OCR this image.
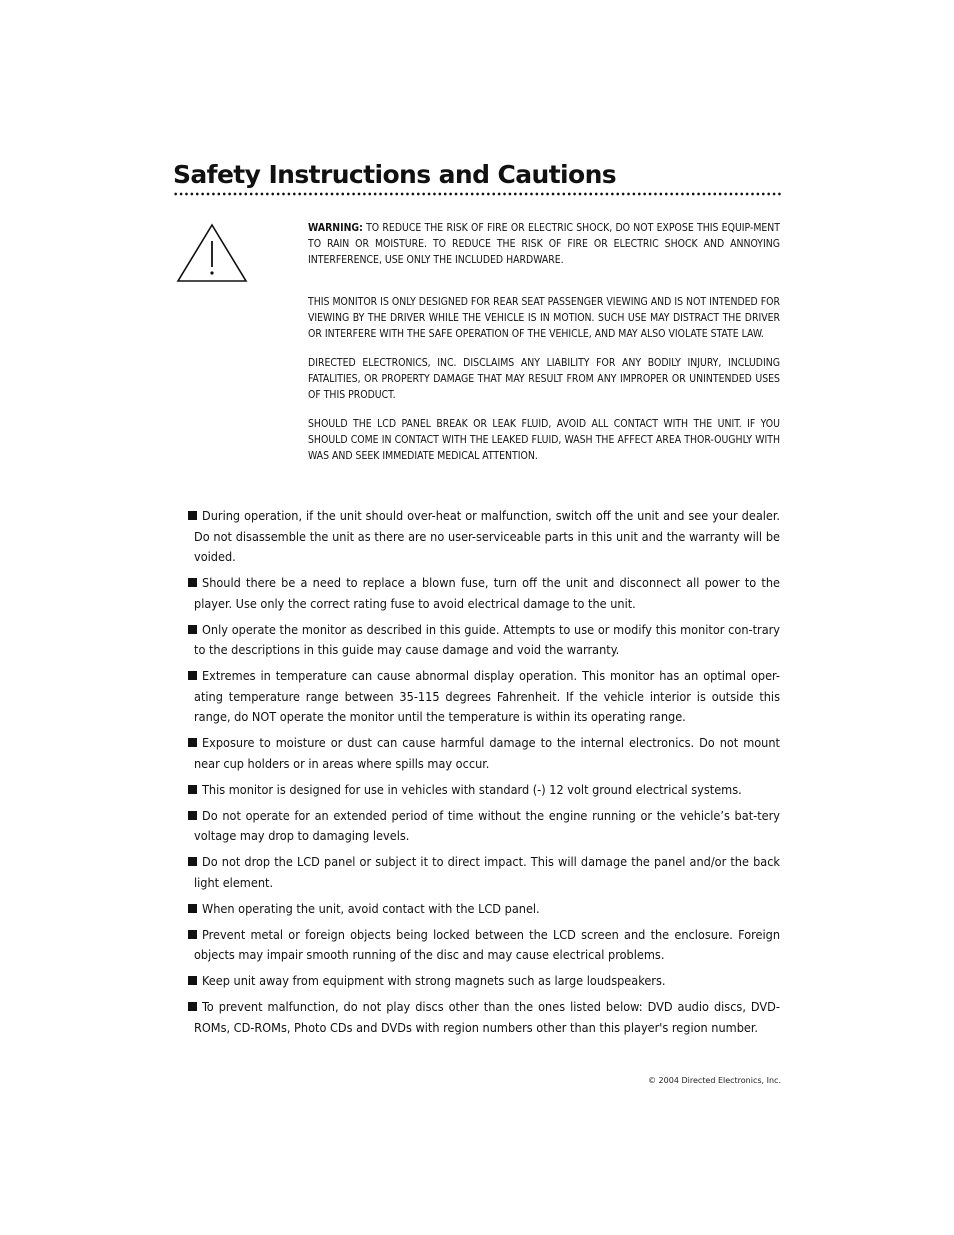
Safety Instructions and Cautions

WARNING: TO REDUCE THE RISK OF FIRE OR ELECTRIC SHOCK, DO NOT EXPOSE THIS EQUIP-MENT TO RAIN OR MOISTURE. TO REDUCE THE RISK OF FIRE OR ELECTRIC SHOCK AND ANNOYING INTERFERENCE, USE ONLY THE INCLUDED HARDWARE.

THIS MONITOR IS ONLY DESIGNED FOR REAR SEAT PASSENGER VIEWING AND IS NOT INTENDED FOR VIEWING BY THE DRIVER WHILE THE VEHICLE IS IN MOTION. SUCH USE MAY DISTRACT THE DRIVER OR INTERFERE WITH THE SAFE OPERATION OF THE VEHICLE, AND MAY ALSO VIOLATE STATE LAW.

DIRECTED ELECTRONICS, INC. DISCLAIMS ANY LIABILITY FOR ANY BODILY INJURY, INCLUDING FATALITIES, OR PROPERTY DAMAGE THAT MAY RESULT FROM ANY IMPROPER OR UNINTENDED USES OF THIS PRODUCT.

SHOULD THE LCD PANEL BREAK OR LEAK FLUID, AVOID ALL CONTACT WITH THE UNIT. IF YOU SHOULD COME IN CONTACT WITH THE LEAKED FLUID, WASH THE AFFECT AREA THOR-OUGHLY WITH WAS AND SEEK IMMEDIATE MEDICAL ATTENTION.

During operation, if the unit should over-heat or malfunction, switch off the unit and see your dealer. Do not disassemble the unit as there are no user-serviceable parts in this unit and the warranty will be voided.
Should there be a need to replace a blown fuse, turn off the unit and disconnect all power to the player. Use only the correct rating fuse to avoid electrical damage to the unit.
Only operate the monitor as described in this guide. Attempts to use or modify this monitor con-trary to the descriptions in this guide may cause damage and void the warranty.
Extremes in temperature can cause abnormal display operation. This monitor has an optimal oper-ating temperature range between 35-115 degrees Fahrenheit. If the vehicle interior is outside this range, do NOT operate the monitor until the temperature is within its operating range.
Exposure to moisture or dust can cause harmful damage to the internal electronics. Do not mount near cup holders or in areas where spills may occur.
This monitor is designed for use in vehicles with standard (-) 12 volt ground electrical systems.
Do not operate for an extended period of time without the engine running or the vehicle’s bat-tery voltage may drop to damaging levels.
Do not drop the LCD panel or subject it to direct impact. This will damage the panel and/or the back light element.
When operating the unit, avoid contact with the LCD panel.
Prevent metal or foreign objects being locked between the LCD screen and the enclosure. Foreign objects may impair smooth running of the disc and may cause electrical problems.
Keep unit away from equipment with strong magnets such as large loudspeakers.
To prevent malfunction, do not play discs other than the ones listed below: DVD audio discs, DVD-ROMs, CD-ROMs, Photo CDs and DVDs with region numbers other than this player's region number.
© 2004 Directed Electronics, Inc.
